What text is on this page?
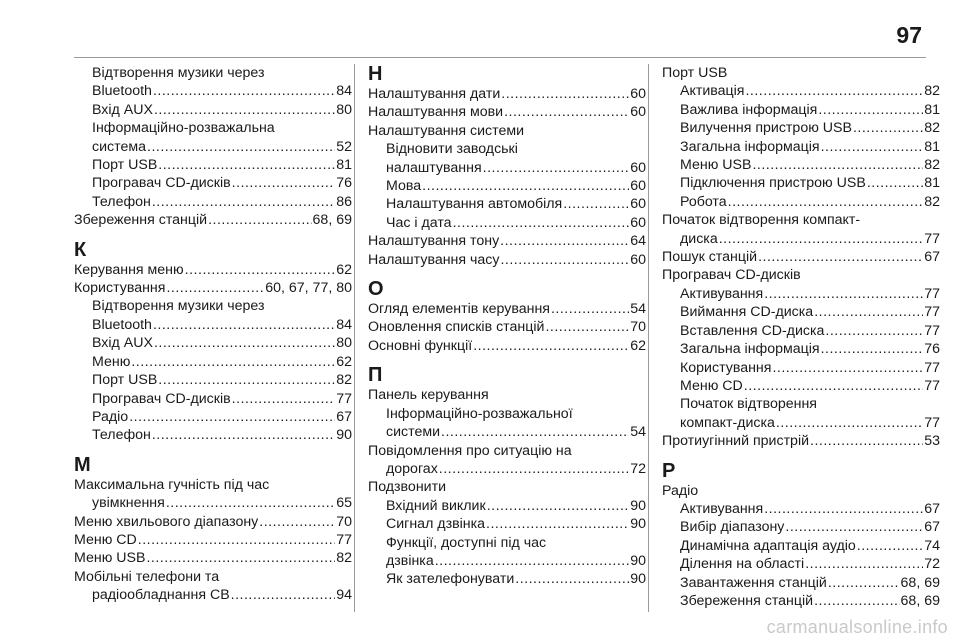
97
Відтворення музики через
Bluetooth .....	84
Вхід AUX .....	80
Інформаційно-розважальна
система .....	52
Порт USB .....	81
Програвач CD-дисків .....	76
Телефон .....	86
Збереження станцій .....	68, 69
К
Керування меню .....	62
Користування .....	60, 67, 77, 80
Відтворення музики через
Bluetooth .....	84
Вхід AUX .....	80
Меню .....	62
Порт USB .....	82
Програвач CD-дисків .....	77
Радіо .....	67
Телефон .....	90
М
Максимальна гучність під час
увімкнення .....	65
Меню хвильового діапазону .....	70
Меню CD .....	77
Меню USB .....	82
Мобільні телефони та
радіообладнання СВ .....	94
Н
Налаштування дати .....	60
Налаштування мови .....	60
Налаштування системи
Відновити заводські
налаштування .....	60
Мова .....	60
Налаштування автомобіля .....	60
Час і дата .....	60
Налаштування тону .....	64
Налаштування часу .....	60
О
Огляд елементів керування .....	54
Оновлення списків станцій .....	70
Основні функції .....	62
П
Панель керування
Інформаційно-розважальної
системи .....	54
Повідомлення про ситуацію на
дорогах .....	72
Подзвонити
Вхідний виклик .....	90
Сигнал дзвінка .....	90
Функції, доступні під час
дзвінка .....	90
Як зателефонувати .....	90
Порт USB
Активація .....	82
Важлива інформація .....	81
Вилучення пристрою USB .....	82
Загальна інформація .....	81
Меню USB .....	82
Підключення пристрою USB .....	81
Робота .....	82
Початок відтворення компакт-
диска .....	77
Пошук станцій .....	67
Програвач CD-дисків
Активування .....	77
Виймання CD-диска .....	77
Вставлення CD-диска .....	77
Загальна інформація .....	76
Користування .....	77
Меню CD .....	77
Початок відтворення
компакт-диска .....	77
Протиугінний пристрій .....	53
Р
Радіо
Активування .....	67
Вибір діапазону .....	67
Динамічна адаптація аудіо .....	74
Ділення на області .....	72
Завантаження станцій .....	68, 69
Збереження станцій .....	68, 69
carmanualsonline.info
